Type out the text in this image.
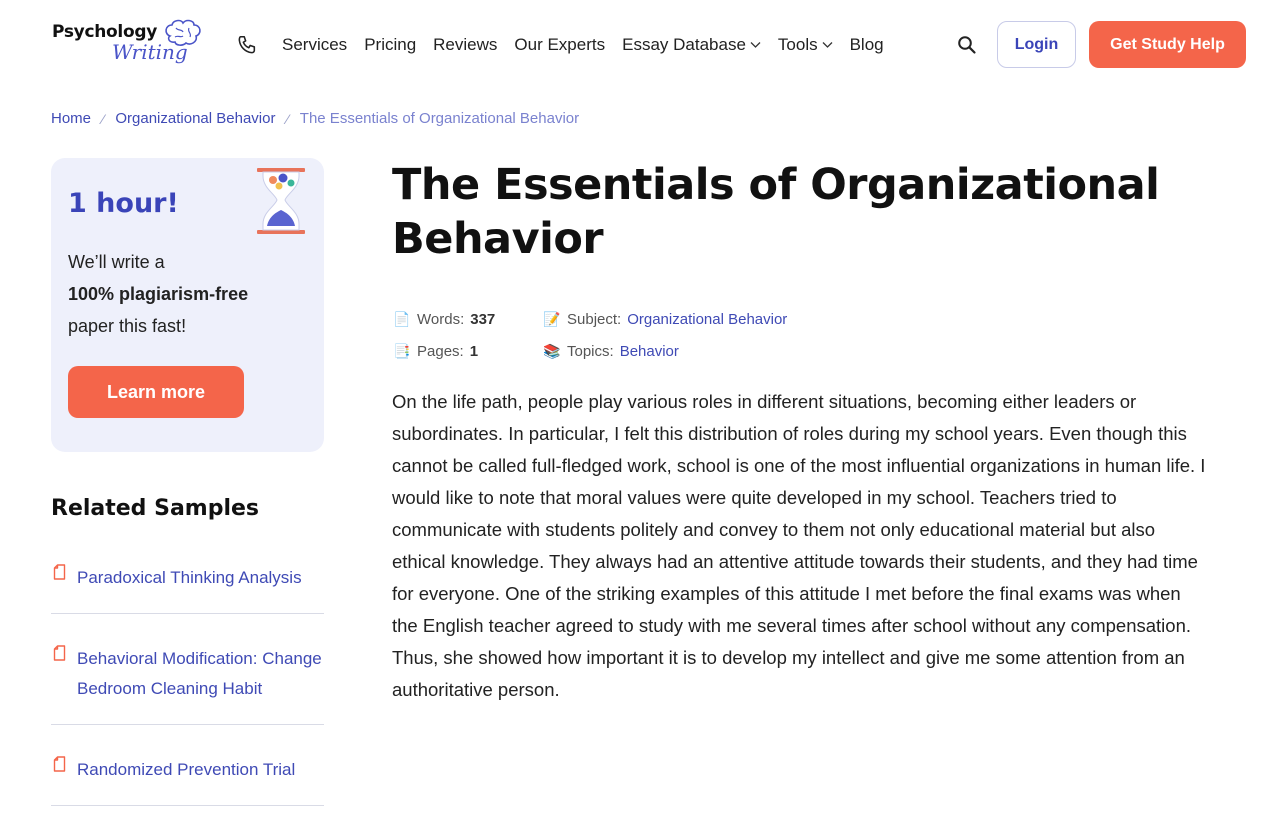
Psychology
Writing	Services Pricing Reviews Our Experts Essay Database Tools Blog	Login	Get Study Help
Home ⁄ Organizational Behavior ⁄ The Essentials of Organizational Behavior
1 hour!
We’ll write a
100% plagiarism-free
paper this fast!
Learn more
Related Samples
Paradoxical Thinking Analysis
Behavioral Modification: Change Bedroom Cleaning Habit
Randomized Prevention Trial
The Essentials of Organizational Behavior
📄 Words: 337	📝 Subject: Organizational Behavior
📑 Pages: 1	📚 Topics: Behavior

On the life path, people play various roles in different situations, becoming either leaders or subordinates. In particular, I felt this distribution of roles during my school years. Even though this cannot be called full-fledged work, school is one of the most influential organizations in human life. I would like to note that moral values were quite developed in my school. Teachers tried to communicate with students politely and convey to them not only educational material but also ethical knowledge. They always had an attentive attitude towards their students, and they had time for everyone. One of the striking examples of this attitude I met before the final exams was when the English teacher agreed to study with me several times after school without any compensation. Thus, she showed how important it is to develop my intellect and give me some attention from an authoritative person.
